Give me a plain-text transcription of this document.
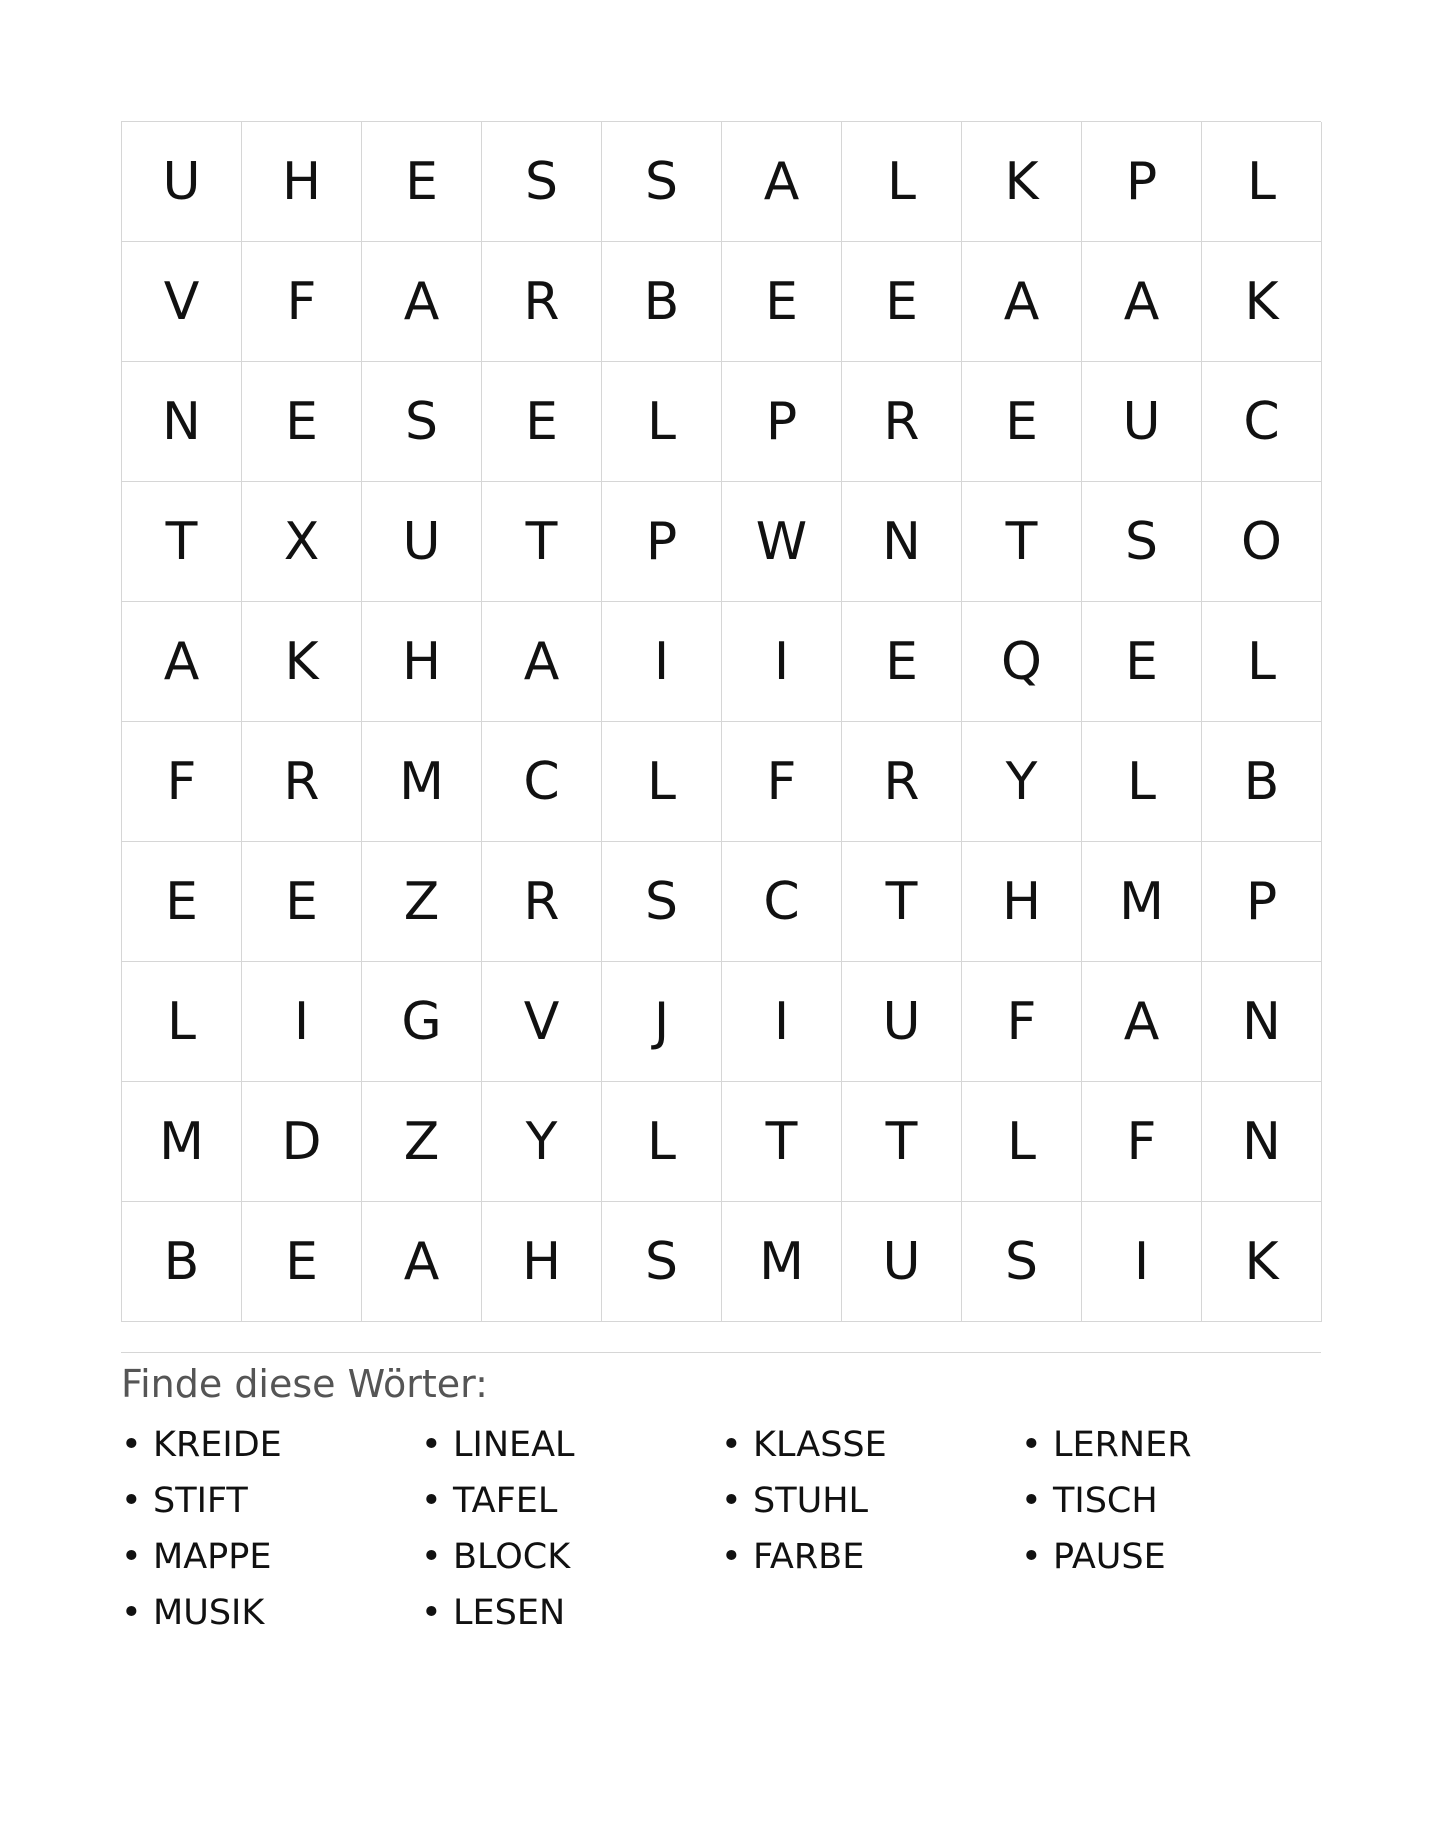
U	H	E	S	S	A	L	K	P	L
V	F	A	R	B	E	E	A	A	K
N	E	S	E	L	P	R	E	U	C
T	X	U	T	P	W	N	T	S	O
A	K	H	A	I	I	E	Q	E	L
F	R	M	C	L	F	R	Y	L	B
E	E	Z	R	S	C	T	H	M	P
L	I	G	V	J	I	U	F	A	N
M	D	Z	Y	L	T	T	L	F	N
B	E	A	H	S	M	U	S	I	K
Finde diese Wörter:
• KREIDE	• LINEAL	• KLASSE	• LERNER
• STIFT	• TAFEL	• STUHL	• TISCH
• MAPPE	• BLOCK	• FARBE	• PAUSE
• MUSIK	• LESEN
